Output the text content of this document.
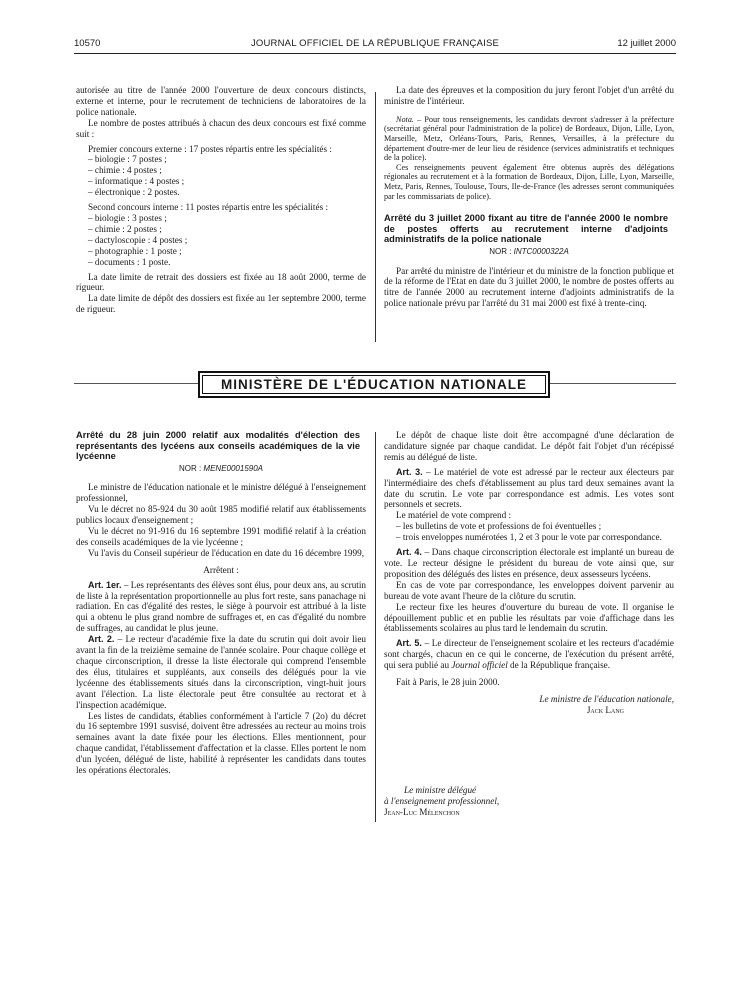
10570	JOURNAL OFFICIEL DE LA RÉPUBLIQUE FRANÇAISE	12 juillet 2000

autorisée au titre de l'année 2000 l'ouverture de deux concours distincts, externe et interne, pour le recrutement de techniciens de laboratoires de la police nationale.

Le nombre de postes attribués à chacun des deux concours est fixé comme suit :

Premier concours externe : 17 postes répartis entre les spécialités :

– biologie : 7 postes ;
– chimie : 4 postes ;
– informatique : 4 postes ;
– électronique : 2 postes.

Second concours interne : 11 postes répartis entre les spécialités :

– biologie : 3 postes ;
– chimie : 2 postes ;
– dactyloscopie : 4 postes ;
– photographie : 1 poste ;
– documents : 1 poste.

La date limite de retrait des dossiers est fixée au 18 août 2000, terme de rigueur.

La date limite de dépôt des dossiers est fixée au 1er septembre 2000, terme de rigueur.

La date des épreuves et la composition du jury feront l'objet d'un arrêté du ministre de l'intérieur.

Nota. – Pour tous renseignements, les candidats devront s'adresser à la préfecture (secrétariat général pour l'administration de la police) de Bordeaux, Dijon, Lille, Lyon, Marseille, Metz, Orléans-Tours, Paris, Rennes, Versailles, à la préfecture du département d'outre-mer de leur lieu de résidence (services administratifs et techniques de la police).

Ces renseignements peuvent également être obtenus auprès des délégations régionales au recrutement et à la formation de Bordeaux, Dijon, Lille, Lyon, Marseille, Metz, Paris, Rennes, Toulouse, Tours, Ile-de-France (les adresses seront communiquées par les commissariats de police).

Arrêté du 3 juillet 2000 fixant au titre de l'année 2000 le nombre de postes offerts au recrutement interne d'adjoints administratifs de la police nationale

NOR : INTC0000322A

Par arrêté du ministre de l'intérieur et du ministre de la fonction publique et de la réforme de l'Etat en date du 3 juillet 2000, le nombre de postes offerts au titre de l'année 2000 au recrutement interne d'adjoints administratifs de la police nationale prévu par l'arrêté du 31 mai 2000 est fixé à trente-cinq.

MINISTÈRE DE L'ÉDUCATION NATIONALE

Arrêté du 28 juin 2000 relatif aux modalités d'élection des représentants des lycéens aux conseils académiques de la vie lycéenne

NOR : MENE0001590A

Le ministre de l'éducation nationale et le ministre délégué à l'enseignement professionnel,

Vu le décret no 85-924 du 30 août 1985 modifié relatif aux établissements publics locaux d'enseignement ;

Vu le décret no 91-916 du 16 septembre 1991 modifié relatif à la création des conseils académiques de la vie lycéenne ;

Vu l'avis du Conseil supérieur de l'éducation en date du 16 décembre 1999,

Arrêtent :

Art. 1er. – Les représentants des élèves sont élus, pour deux ans, au scrutin de liste à la représentation proportionnelle au plus fort reste, sans panachage ni radiation. En cas d'égalité des restes, le siège à pourvoir est attribué à la liste qui a obtenu le plus grand nombre de suffrages et, en cas d'égalité du nombre de suffrages, au candidat le plus jeune.

Art. 2. – Le recteur d'académie fixe la date du scrutin qui doit avoir lieu avant la fin de la treizième semaine de l'année scolaire. Pour chaque collège et chaque circonscription, il dresse la liste électorale qui comprend l'ensemble des élus, titulaires et suppléants, aux conseils des délégués pour la vie lycéenne des établissements situés dans la circonscription, vingt-huit jours avant l'élection. La liste électorale peut être consultée au rectorat et à l'inspection académique.

Les listes de candidats, établies conformément à l'article 7 (2o) du décret du 16 septembre 1991 susvisé, doivent être adressées au recteur au moins trois semaines avant la date fixée pour les élections. Elles mentionnent, pour chaque candidat, l'établissement d'affectation et la classe. Elles portent le nom d'un lycéen, délégué de liste, habilité à représenter les candidats dans toutes les opérations électorales.

Le dépôt de chaque liste doit être accompagné d'une déclaration de candidature signée par chaque candidat. Le dépôt fait l'objet d'un récépissé remis au délégué de liste.

Art. 3. – Le matériel de vote est adressé par le recteur aux électeurs par l'intermédiaire des chefs d'établissement au plus tard deux semaines avant la date du scrutin. Le vote par correspondance est admis. Les votes sont personnels et secrets.

Le matériel de vote comprend :

– les bulletins de vote et professions de foi éventuelles ;
– trois enveloppes numérotées 1, 2 et 3 pour le vote par correspondance.

Art. 4. – Dans chaque circonscription électorale est implanté un bureau de vote. Le recteur désigne le président du bureau de vote ainsi que, sur proposition des délégués des listes en présence, deux assesseurs lycéens.

En cas de vote par correspondance, les enveloppes doivent parvenir au bureau de vote avant l'heure de la clôture du scrutin.

Le recteur fixe les heures d'ouverture du bureau de vote. Il organise le dépouillement public et en publie les résultats par voie d'affichage dans les établissements scolaires au plus tard le lendemain du scrutin.

Art. 5. – Le directeur de l'enseignement scolaire et les recteurs d'académie sont chargés, chacun en ce qui le concerne, de l'exécution du présent arrêté, qui sera publié au Journal officiel de la République française.

Fait à Paris, le 28 juin 2000.

Le ministre de l'éducation nationale,

Jack Lang

Le ministre délégué

à l'enseignement professionnel,

Jean-Luc Mélenchon
